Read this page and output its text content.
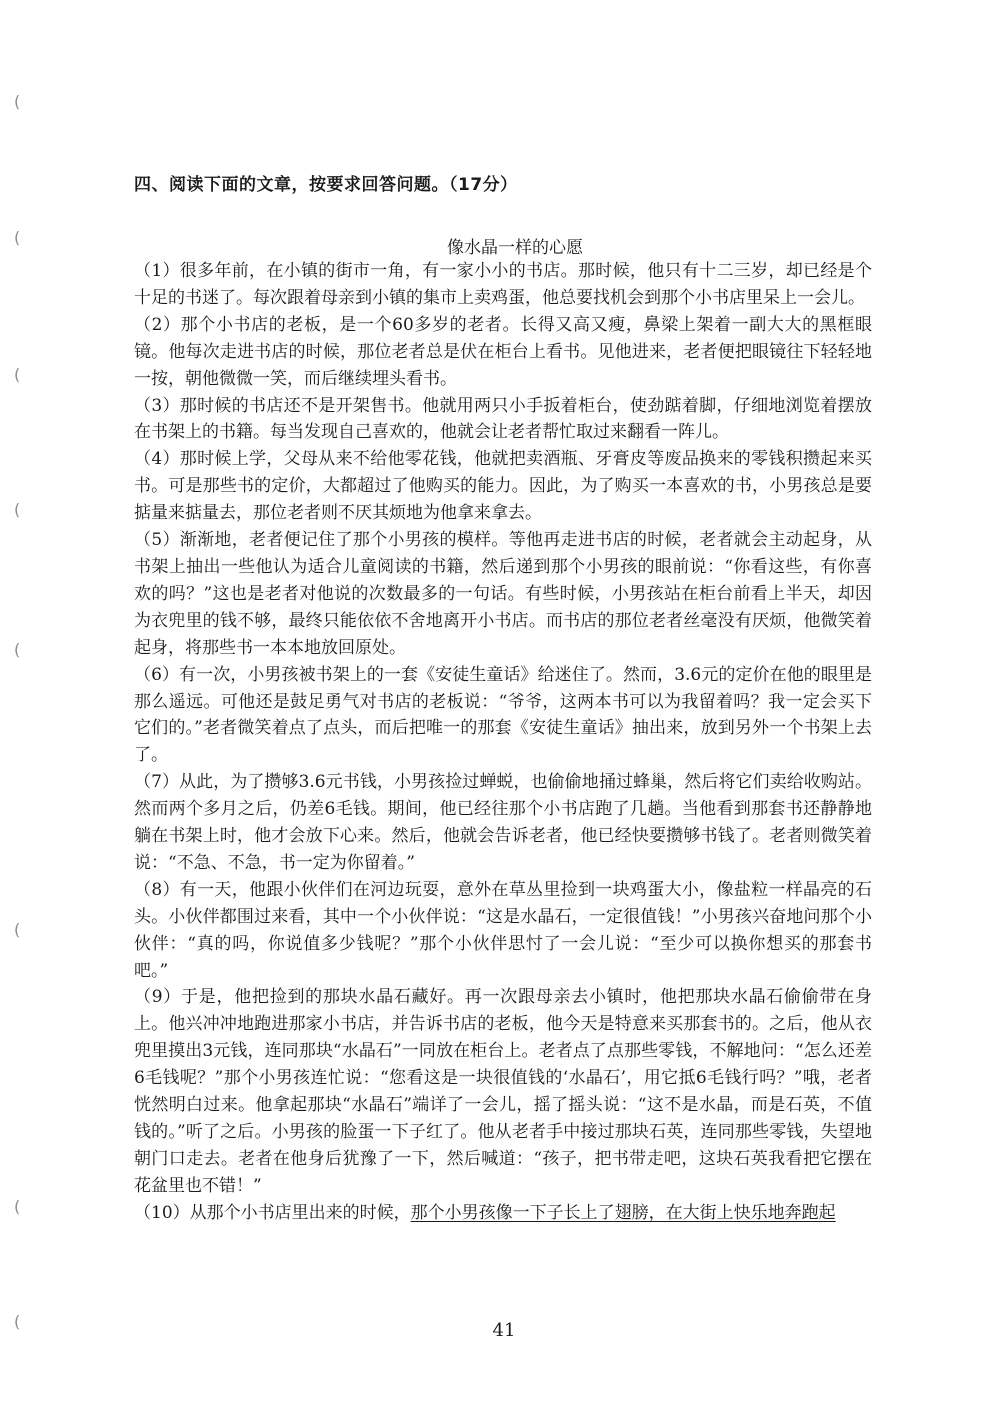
(
(
(
(
(
(
(
(
四、阅读下面的文章，按要求回答问题。（17分）
像水晶一样的心愿

（1）很多年前，在小镇的街市一角，有一家小小的书店。那时候，他只有十二三岁，却已经是个十足的书迷了。每次跟着母亲到小镇的集市上卖鸡蛋，他总要找机会到那个小书店里呆上一会儿。

（2）那个小书店的老板，是一个60多岁的老者。长得又高又瘦，鼻梁上架着一副大大的黑框眼镜。他每次走进书店的时候，那位老者总是伏在柜台上看书。见他进来，老者便把眼镜往下轻轻地一按，朝他微微一笑，而后继续埋头看书。

（3）那时候的书店还不是开架售书。他就用两只小手扳着柜台，使劲踮着脚，仔细地浏览着摆放在书架上的书籍。每当发现自己喜欢的，他就会让老者帮忙取过来翻看一阵儿。

（4）那时候上学，父母从来不给他零花钱，他就把卖酒瓶、牙膏皮等废品换来的零钱积攒起来买书。可是那些书的定价，大都超过了他购买的能力。因此，为了购买一本喜欢的书，小男孩总是要掂量来掂量去，那位老者则不厌其烦地为他拿来拿去。

（5）渐渐地，老者便记住了那个小男孩的模样。等他再走进书店的时候，老者就会主动起身，从书架上抽出一些他认为适合儿童阅读的书籍，然后递到那个小男孩的眼前说：“你看这些，有你喜欢的吗？”这也是老者对他说的次数最多的一句话。有些时候，小男孩站在柜台前看上半天，却因为衣兜里的钱不够，最终只能依依不舍地离开小书店。而书店的那位老者丝毫没有厌烦，他微笑着起身，将那些书一本本地放回原处。

（6）有一次，小男孩被书架上的一套《安徒生童话》给迷住了。然而，3.6元的定价在他的眼里是那么遥远。可他还是鼓足勇气对书店的老板说：“爷爷，这两本书可以为我留着吗？我一定会买下它们的。”老者微笑着点了点头，而后把唯一的那套《安徒生童话》抽出来，放到另外一个书架上去了。

（7）从此，为了攒够3.6元书钱，小男孩捡过蝉蜕，也偷偷地捅过蜂巢，然后将它们卖给收购站。然而两个多月之后，仍差6毛钱。期间，他已经往那个小书店跑了几趟。当他看到那套书还静静地躺在书架上时，他才会放下心来。然后，他就会告诉老者，他已经快要攒够书钱了。老者则微笑着说：“不急、不急，书一定为你留着。”

（8）有一天，他跟小伙伴们在河边玩耍，意外在草丛里捡到一块鸡蛋大小，像盐粒一样晶亮的石头。小伙伴都围过来看，其中一个小伙伴说：“这是水晶石，一定很值钱！”小男孩兴奋地问那个小伙伴：“真的吗，你说值多少钱呢？”那个小伙伴思忖了一会儿说：“至少可以换你想买的那套书吧。”

（9）于是，他把捡到的那块水晶石藏好。再一次跟母亲去小镇时，他把那块水晶石偷偷带在身上。他兴冲冲地跑进那家小书店，并告诉书店的老板，他今天是特意来买那套书的。之后，他从衣兜里摸出3元钱，连同那块“水晶石”一同放在柜台上。老者点了点那些零钱，不解地问：“怎么还差6毛钱呢？”那个小男孩连忙说：“您看这是一块很值钱的‘水晶石’，用它抵6毛钱行吗？”哦，老者恍然明白过来。他拿起那块“水晶石”端详了一会儿，摇了摇头说：“这不是水晶，而是石英，不值钱的。”听了之后。小男孩的脸蛋一下子红了。他从老者手中接过那块石英，连同那些零钱，失望地朝门口走去。老者在他身后犹豫了一下，然后喊道：“孩子，把书带走吧，这块石英我看把它摆在花盆里也不错！”

（10）从那个小书店里出来的时候，那个小男孩像一下子长上了翅膀，在大街上快乐地奔跑起

41
